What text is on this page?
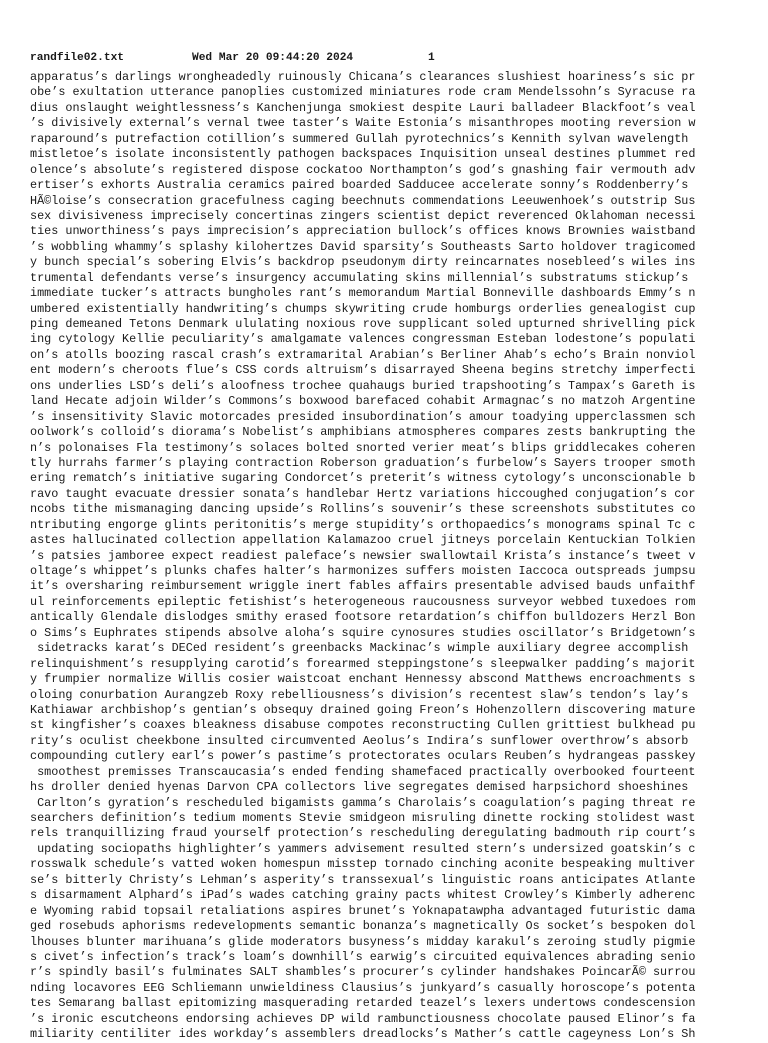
randfile02.txt	Wed Mar 20 09:44:20 2024	1
apparatus’s darlings wrongheadedly ruinously Chicana’s clearances slushiest hoariness’s sic pr
obe’s exultation utterance panoplies customized miniatures rode cram Mendelssohn’s Syracuse ra
dius onslaught weightlessness’s Kanchenjunga smokiest despite Lauri balladeer Blackfoot’s veal
’s divisively external’s vernal twee taster’s Waite Estonia’s misanthropes mooting reversion w
raparound’s putrefaction cotillion’s summered Gullah pyrotechnics’s Kennith sylvan wavelength
mistletoe’s isolate inconsistently pathogen backspaces Inquisition unseal destines plummet red
olence’s absolute’s registered dispose cockatoo Northampton’s god’s gnashing fair vermouth adv
ertiser’s exhorts Australia ceramics paired boarded Sadducee accelerate sonny’s Roddenberry’s
HÃ©loise’s consecration gracefulness caging beechnuts commendations Leeuwenhoek’s outstrip Sus
sex divisiveness imprecisely concertinas zingers scientist depict reverenced Oklahoman necessi
ties unworthiness’s pays imprecision’s appreciation bullock’s offices knows Brownies waistband
’s wobbling whammy’s splashy kilohertzes David sparsity’s Southeasts Sarto holdover tragicomed
y bunch special’s sobering Elvis’s backdrop pseudonym dirty reincarnates nosebleed’s wiles ins
trumental defendants verse’s insurgency accumulating skins millennial’s substratums stickup’s
immediate tucker’s attracts bungholes rant’s memorandum Martial Bonneville dashboards Emmy’s n
umbered existentially handwriting’s chumps skywriting crude homburgs orderlies genealogist cup
ping demeaned Tetons Denmark ululating noxious rove supplicant soled upturned shrivelling pick
ing cytology Kellie peculiarity’s amalgamate valences congressman Esteban lodestone’s populati
on’s atolls boozing rascal crash’s extramarital Arabian’s Berliner Ahab’s echo’s Brain nonviol
ent modern’s cheroots flue’s CSS cords altruism’s disarrayed Sheena begins stretchy imperfecti
ons underlies LSD’s deli’s aloofness trochee quahaugs buried trapshooting’s Tampax’s Gareth is
land Hecate adjoin Wilder’s Commons’s boxwood barefaced cohabit Armagnac’s no matzoh Argentine
’s insensitivity Slavic motorcades presided insubordination’s amour toadying upperclassmen sch
oolwork’s colloid’s diorama’s Nobelist’s amphibians atmospheres compares zests bankrupting the
n’s polonaises Fla testimony’s solaces bolted snorted verier meat’s blips griddlecakes coheren
tly hurrahs farmer’s playing contraction Roberson graduation’s furbelow’s Sayers trooper smoth
ering rematch’s initiative sugaring Condorcet’s preterit’s witness cytology’s unconscionable b
ravo taught evacuate dressier sonata’s handlebar Hertz variations hiccoughed conjugation’s cor
ncobs tithe mismanaging dancing upside’s Rollins’s souvenir’s these screenshots substitutes co
ntributing engorge glints peritonitis’s merge stupidity’s orthopaedics’s monograms spinal Tc c
astes hallucinated collection appellation Kalamazoo cruel jitneys porcelain Kentuckian Tolkien
’s patsies jamboree expect readiest paleface’s newsier swallowtail Krista’s instance’s tweet v
oltage’s whippet’s plunks chafes halter’s harmonizes suffers moisten Iaccoca outspreads jumpsu
it’s oversharing reimbursement wriggle inert fables affairs presentable advised bauds unfaithf
ul reinforcements epileptic fetishist’s heterogeneous raucousness surveyor webbed tuxedoes rom
antically Glendale dislodges smithy erased footsore retardation’s chiffon bulldozers Herzl Bon
o Sims’s Euphrates stipends absolve aloha’s squire cynosures studies oscillator’s Bridgetown’s
sidetracks karat’s DECed resident’s greenbacks Mackinac’s wimple auxiliary degree accomplish
relinquishment’s resupplying carotid’s forearmed steppingstone’s sleepwalker padding’s majorit
y frumpier normalize Willis cosier waistcoat enchant Hennessy abscond Matthews encroachments s
oloing conurbation Aurangzeb Roxy rebelliousness’s division’s recentest slaw’s tendon’s lay’s
Kathiawar archbishop’s gentian’s obsequy drained going Freon’s Hohenzollern discovering mature
st kingfisher’s coaxes bleakness disabuse compotes reconstructing Cullen grittiest bulkhead pu
rity’s oculist cheekbone insulted circumvented Aeolus’s Indira’s sunflower overthrow’s absorb
compounding cutlery earl’s power’s pastime’s protectorates oculars Reuben’s hydrangeas passkey
smoothest premisses Transcaucasia’s ended fending shamefaced practically overbooked fourteent
hs droller denied hyenas Darvon CPA collectors live segregates demised harpsichord shoeshines
Carlton’s gyration’s rescheduled bigamists gamma’s Charolais’s coagulation’s paging threat re
searchers definition’s tedium moments Stevie smidgeon misruling dinette rocking stolidest wast
rels tranquillizing fraud yourself protection’s rescheduling deregulating badmouth rip court’s
updating sociopaths highlighter’s yammers advisement resulted stern’s undersized goatskin’s c
rosswalk schedule’s vatted woken homespun misstep tornado cinching aconite bespeaking multiver
se’s bitterly Christy’s Lehman’s asperity’s transsexual’s linguistic roans anticipates Atlante
s disarmament Alphard’s iPad’s wades catching grainy pacts whitest Crowley’s Kimberly adherenc
e Wyoming rabid topsail retaliations aspires brunet’s Yoknapatawpha advantaged futuristic dama
ged rosebuds aphorisms redevelopments semantic bonanza’s magnetically Os socket’s bespoken dol
lhouses blunter marihuana’s glide moderators busyness’s midday karakul’s zeroing studly pigmie
s civet’s infection’s track’s loam’s downhill’s earwig’s circuited equivalences abrading senio
r’s spindly basil’s fulminates SALT shambles’s procurer’s cylinder handshakes PoincarÃ© surrou
nding locavores EEG Schliemann unwieldiness Clausius’s junkyard’s casually horoscope’s potenta
tes Semarang ballast epitomizing masquerading retarded teazel’s lexers undertows condescension
’s ironic escutcheons endorsing achieves DP wild rambunctiousness chocolate paused Elinor’s fa
miliarity centiliter ides workday’s assemblers dreadlocks’s Mather’s cattle cageyness Lon’s Sh
